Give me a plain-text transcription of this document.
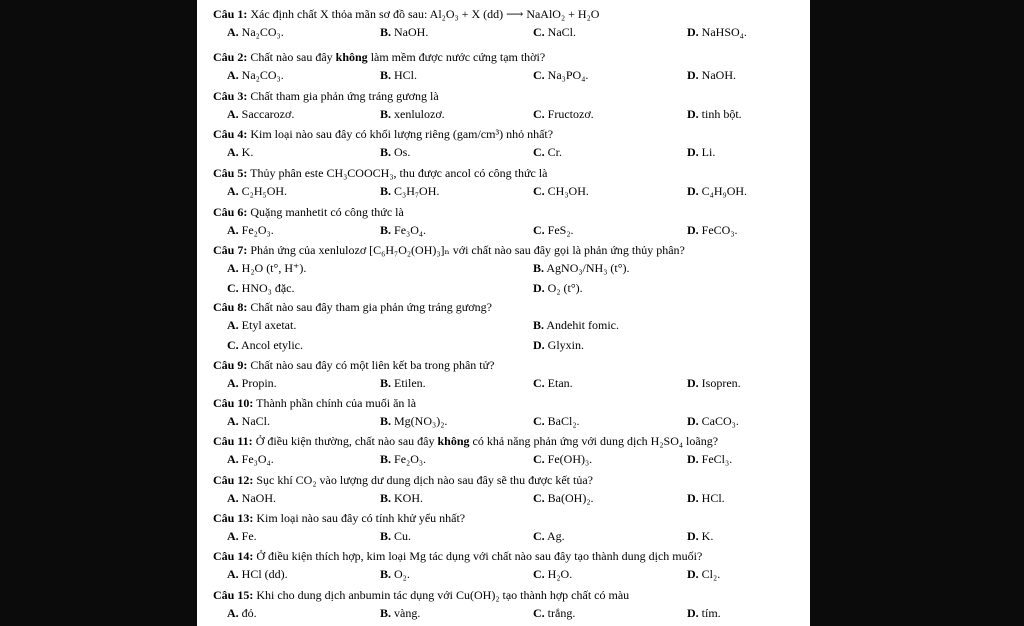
Câu 1: Xác định chất X thỏa mãn sơ đồ sau: Al₂O₃ + X (dd) ⟶ NaAlO₂ + H₂O
A. Na₂CO₃.	B. NaOH.	C. NaCl.	D. NaHSO₄.
Câu 2: Chất nào sau đây không làm mềm được nước cứng tạm thời?
A. Na₂CO₃.	B. HCl.	C. Na₃PO₄.	D. NaOH.
Câu 3: Chất tham gia phản ứng tráng gương là
A. Saccarozơ.	B. xenlulozơ.	C. Fructozơ.	D. tinh bột.
Câu 4: Kim loại nào sau đây có khối lượng riêng (gam/cm³) nhỏ nhất?
A. K.	B. Os.	C. Cr.	D. Li.
Câu 5: Thủy phân este CH₃COOCH₃, thu được ancol có công thức là
A. C₂H₅OH.	B. C₃H₇OH.	C. CH₃OH.	D. C₄H₉OH.
Câu 6: Quặng manhetit có công thức là
A. Fe₂O₃.	B. Fe₃O₄.	C. FeS₂.	D. FeCO₃.
Câu 7: Phản ứng của xenlulozơ [C₆H₇O₂(OH)₃]ₙ với chất nào sau đây gọi là phản ứng thủy phân?
A. H₂O (t°, H⁺).	B. AgNO₃/NH₃ (t°).
C. HNO₃ đặc.	D. O₂ (t°).
Câu 8: Chất nào sau đây tham gia phản ứng tráng gương?
A. Etyl axetat.	B. Andehit fomic.
C. Ancol etylic.	D. Glyxin.
Câu 9: Chất nào sau đây có một liên kết ba trong phân tử?
A. Propin.	B. Etilen.	C. Etan.	D. Isopren.
Câu 10: Thành phần chính của muối ăn là
A. NaCl.	B. Mg(NO₃)₂.	C. BaCl₂.	D. CaCO₃.
Câu 11: Ở điều kiện thường, chất nào sau đây không có khả năng phản ứng với dung dịch H₂SO₄ loãng?
A. Fe₃O₄.	B. Fe₂O₃.	C. Fe(OH)₃.	D. FeCl₃.
Câu 12: Sục khí CO₂ vào lượng dư dung dịch nào sau đây sẽ thu được kết tủa?
A. NaOH.	B. KOH.	C. Ba(OH)₂.	D. HCl.
Câu 13: Kim loại nào sau đây có tính khử yếu nhất?
A. Fe.	B. Cu.	C. Ag.	D. K.
Câu 14: Ở điều kiện thích hợp, kim loại Mg tác dụng với chất nào sau đây tạo thành dung dịch muối?
A. HCl (dd).	B. O₂.	C. H₂O.	D. Cl₂.
Câu 15: Khi cho dung dịch anbumin tác dụng với Cu(OH)₂ tạo thành hợp chất có màu
A. đỏ.	B. vàng.	C. trắng.	D. tím.
